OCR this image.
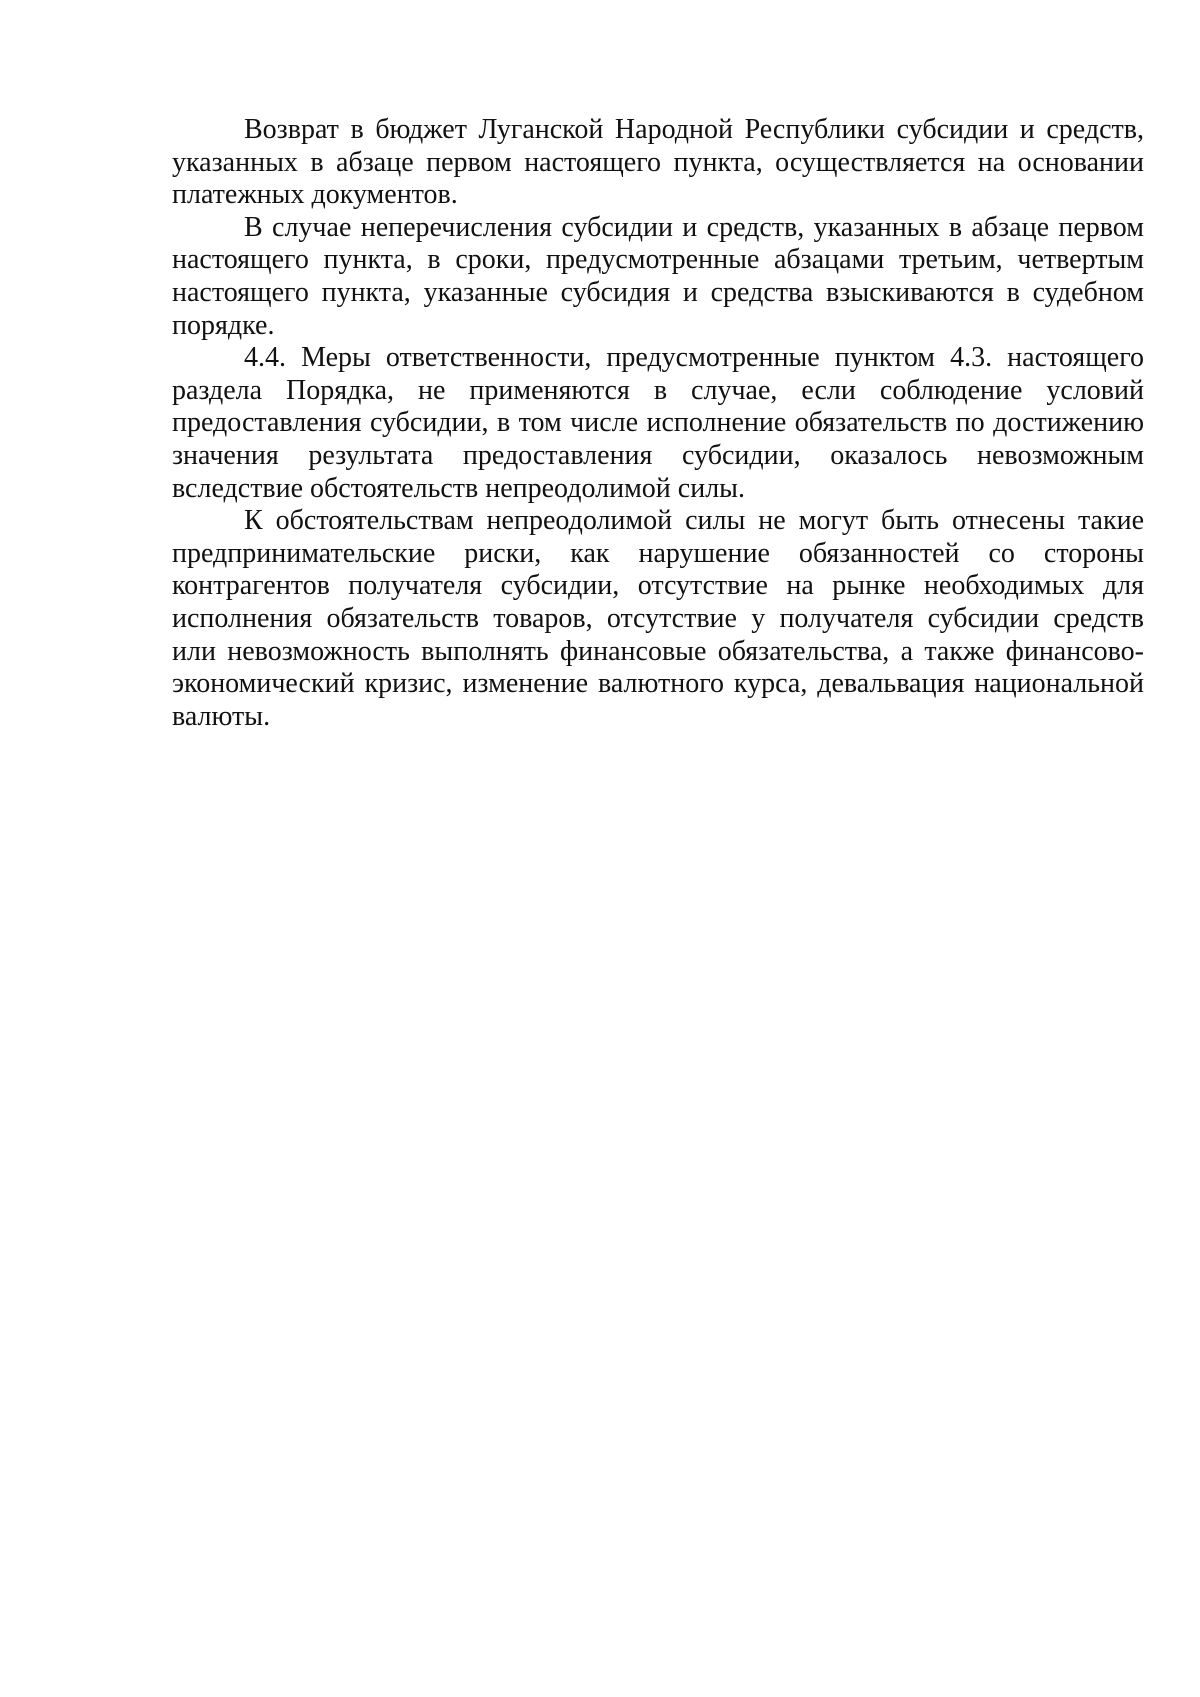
Возврат в бюджет Луганской Народной Республики субсидии и средств, указанных в абзаце первом настоящего пункта, осуществляется на основании платежных документов.

В случае неперечисления субсидии и средств, указанных в абзаце первом настоящего пункта, в сроки, предусмотренные абзацами третьим, четвертым настоящего пункта, указанные субсидия и средства взыскиваются в судебном порядке.

4.4. Меры ответственности, предусмотренные пунктом 4.3. настоящего раздела Порядка, не применяются в случае, если соблюдение условий предоставления субсидии, в том числе исполнение обязательств по достижению значения результата предоставления субсидии, оказалось невозможным вследствие обстоятельств непреодолимой силы.

К обстоятельствам непреодолимой силы не могут быть отнесены такие предпринимательские риски, как нарушение обязанностей со стороны контрагентов получателя субсидии, отсутствие на рынке необходимых для исполнения обязательств товаров, отсутствие у получателя субсидии средств или невозможность выполнять финансовые обязательства, а также финансово-экономический кризис, изменение валютного курса, девальвация национальной валюты.
